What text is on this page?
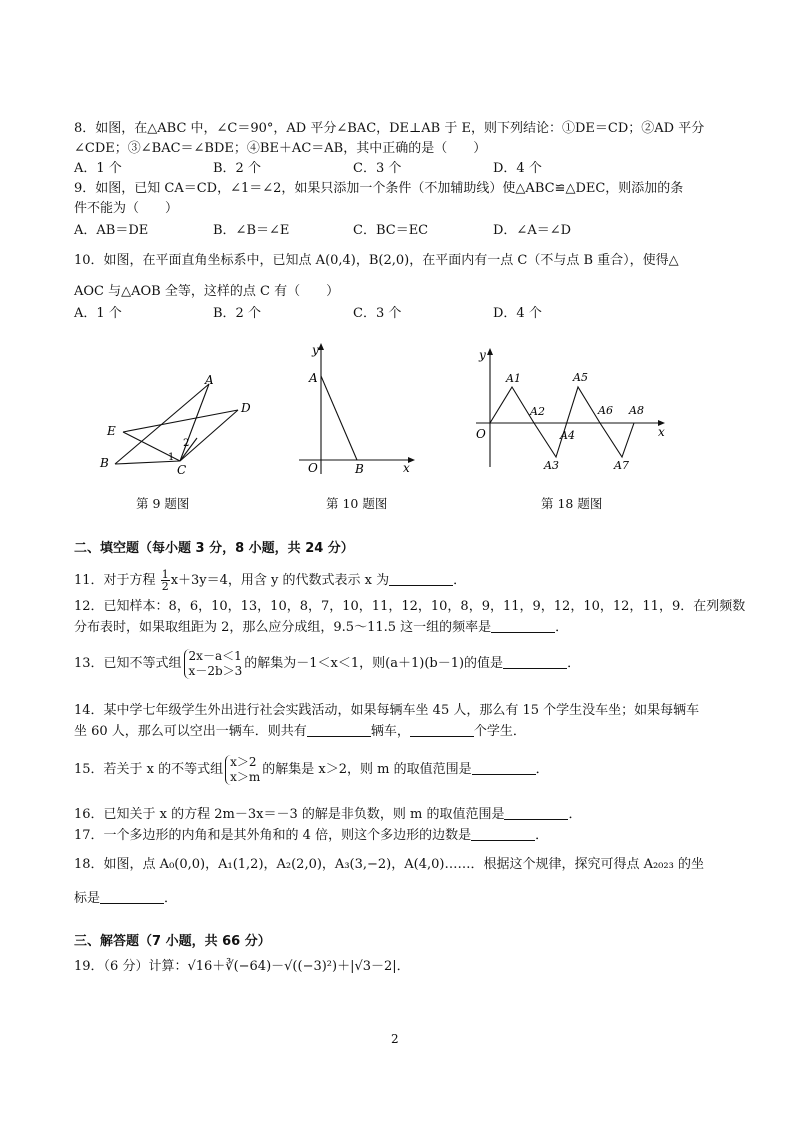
8．如图，在△ABC 中，∠C＝90°，AD 平分∠BAC，DE⊥AB 于 E，则下列结论：①DE＝CD；②AD 平分
∠CDE；③∠BAC＝∠BDE；④BE＋AC＝AB，其中正确的是（　　）
A．1 个	B．2 个	C．3 个	D．4 个
9．如图，已知 CA＝CD，∠1＝∠2，如果只添加一个条件（不加辅助线）使△ABC≌△DEC，则添加的条
件不能为（　　）
A．AB＝DE	B．∠B＝∠E	C．BC＝EC	D．∠A＝∠D
10．如图，在平面直角坐标系中，已知点 A(0,4)，B(2,0)，在平面内有一点 C（不与点 B 重合），使得△
AOC 与△AOB 全等，这样的点 C 有（　　）
A．1 个	B．2 个	C．3 个	D．4 个
A
D
E
B	C
1
2
第 9 题图
y
A
O	B	x
第 10 题图
y
x
O
A1
A2
A3
A4
A5
A6
A7
A8
第 18 题图
二、填空题（每小题 3 分，8 小题，共 24 分）
11．对于方程 $\frac{1}{2} x+3y=4$，用含 y 的代数式表示 x 为	．
12．已知样本：8，6，10，13，10，8，7，10，11，12，10，8，9，11，9，12，10，12，11，9．在列频数
分布表时，如果取组距为 2，那么应分成组，9.5～11.5 这一组的频率是	．
13．已知不等式组
2x－a＜1
x－2b＞3 的解集为－1＜x＜1，则(a＋1)(b－1)的值是	．
14．某中学七年级学生外出进行社会实践活动，如果每辆车坐 45 人，那么有 15 个学生没车坐；如果每辆车
坐 60 人，那么可以空出一辆车．则共有	辆车，	个学生．
15．若关于 x 的不等式组
x＞2
x＞m 的解集是 x＞2，则 m 的取值范围是	．
16．已知关于 x 的方程 2m－3x＝－3 的解是非负数，则 m 的取值范围是	．
17．一个多边形的内角和是其外角和的 4 倍，则这个多边形的边数是	．
18．如图，点 A₀(0,0)，A₁(1,2)，A₂(2,0)，A₃(3,−2)，A(4,0)……．根据这个规律，探究可得点 A₂₀₂₃ 的坐
标是	．
三、解答题（7 小题，共 66 分）
19．（6 分）计算：√16＋∛(−64)－√((−3)²)＋|√3－2|．
2
